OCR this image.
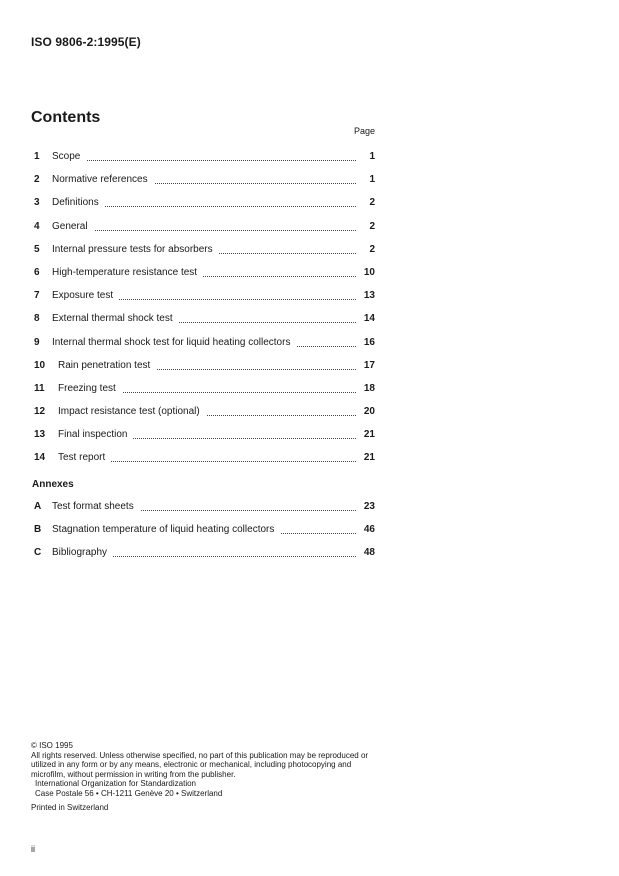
ISO 9806-2:1995(E)
Contents
Page
1 Scope	1
2 Normative references	1
3 Definitions	2
4 General	2
5 Internal pressure tests for absorbers	2
6 High-temperature resistance test	10
7 Exposure test	13
8 External thermal shock test	14
9 Internal thermal shock test for liquid heating collectors	16
10 Rain penetration test	17
11 Freezing test	18
12 Impact resistance test (optional)	20
13 Final inspection	21
14 Test report	21
Annexes
A Test format sheets	23
B Stagnation temperature of liquid heating collectors	46
C Bibliography	48
© ISO 1995
All rights reserved. Unless otherwise specified, no part of this publication may be reproduced or utilized in any form or by any means, electronic or mechanical, including photocopying and microfilm, without permission in writing from the publisher.
International Organization for Standardization
Case Postale 56 • CH-1211 Genève 20 • Switzerland
Printed in Switzerland
ii
